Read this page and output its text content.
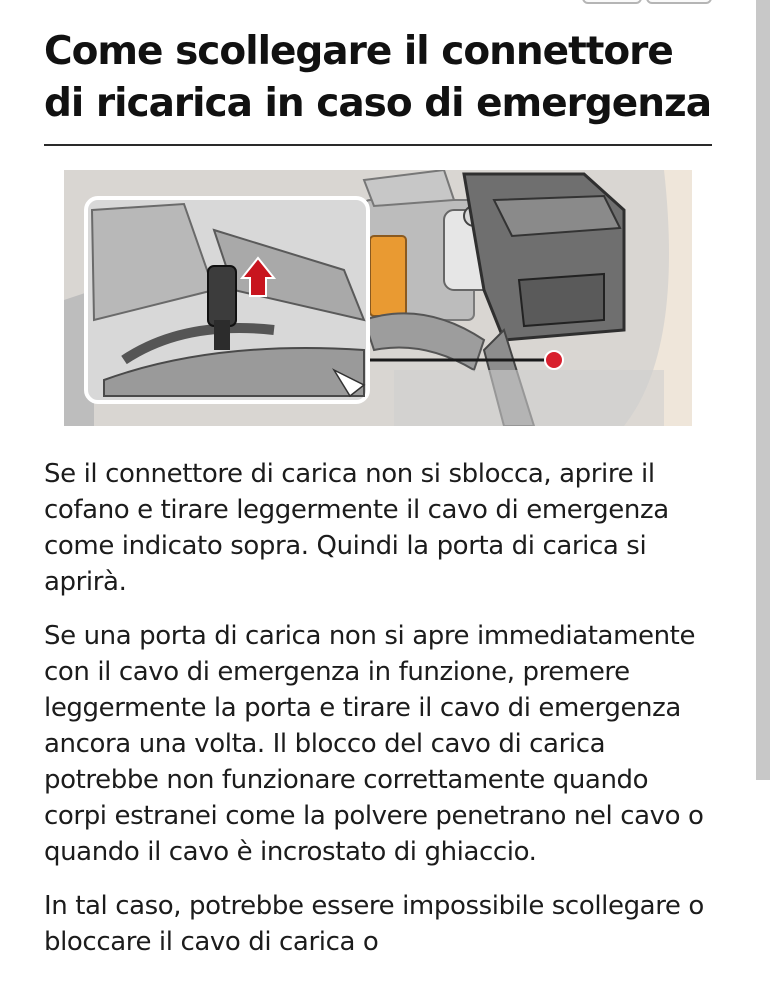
Come scollegare il connettore
di ricarica in caso di emergenza

Se il connettore di carica non si sblocca, aprire il cofano e tirare leggermente il cavo di emergenza come indicato sopra. Quindi la porta di carica si aprirà.

Se una porta di carica non si apre immediatamente con il cavo di emergenza in funzione, premere leggermente la porta e tirare il cavo di emergenza ancora una volta. Il blocco del cavo di carica potrebbe non funzionare correttamente quando corpi estranei come la polvere penetrano nel cavo o quando il cavo è incrostato di ghiaccio.

In tal caso, potrebbe essere impossibile scollegare o bloccare il cavo di carica o
